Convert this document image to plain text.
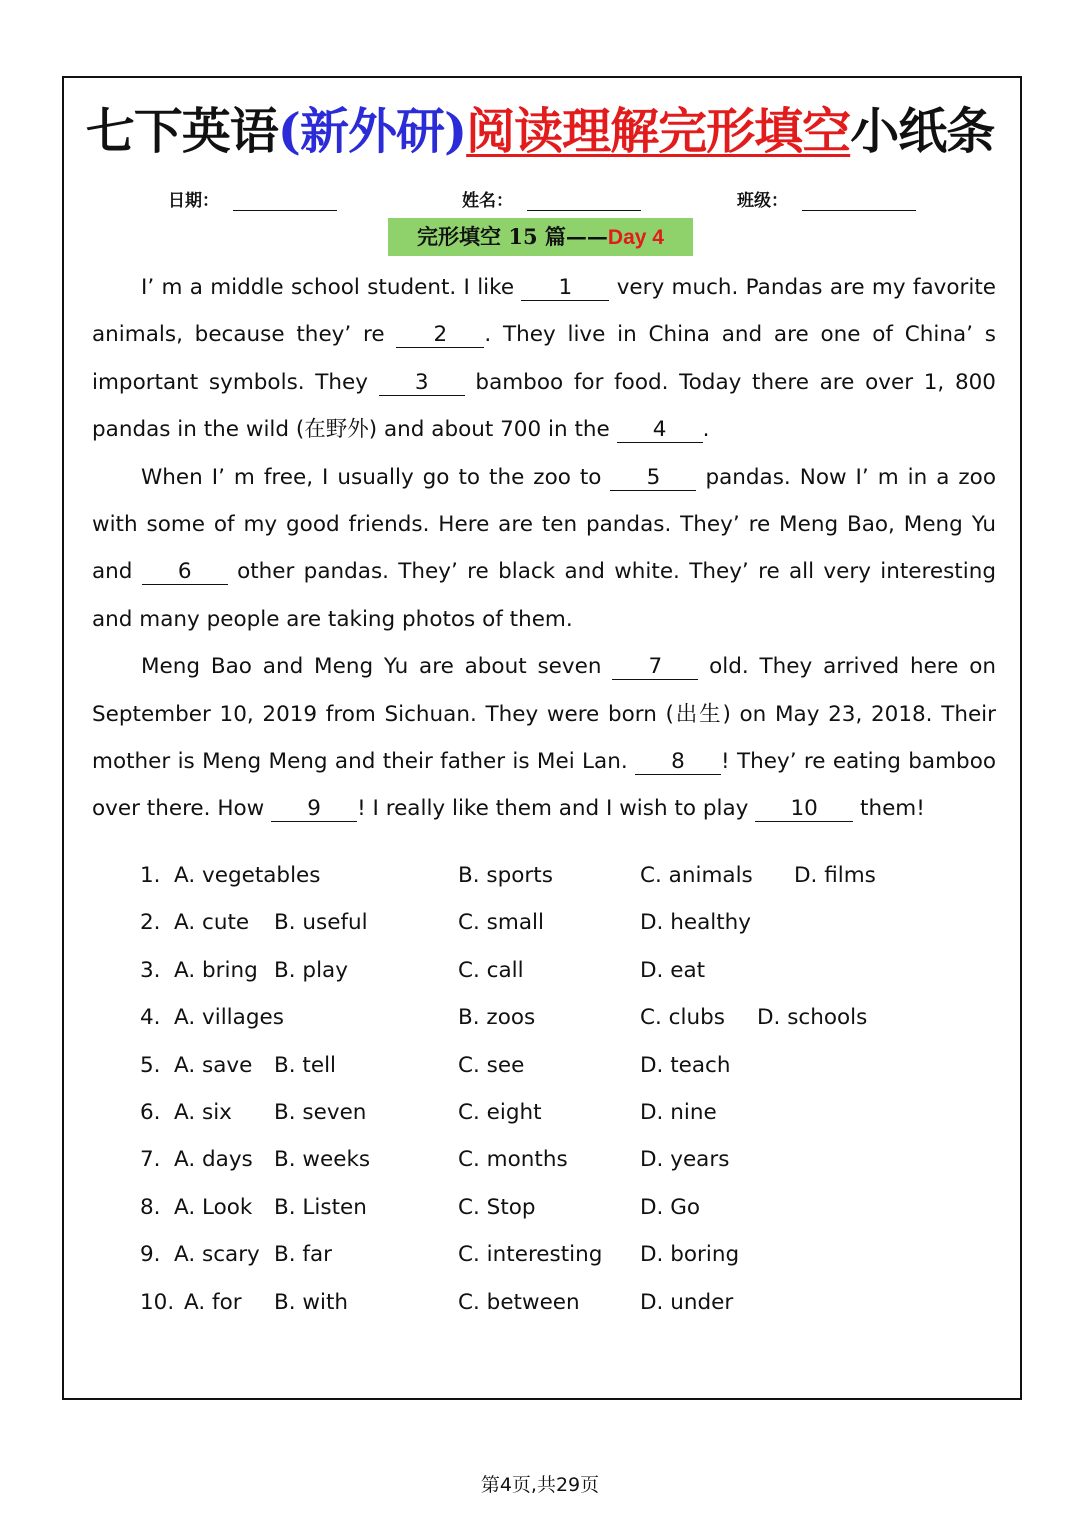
七下英语(新外研)阅读理解完形填空小纸条
日期：	姓名：	班级：
完形填空 15 篇——Day 4

I’ m a middle school student. I like 1 very much. Pandas are my favorite animals, because they’ re 2 . They live in China and are one of China’ s important symbols. They 3 bamboo for food. Today there are over 1, 800 pandas in the wild (在野外) and about 700 in the 4 .

When I’ m free, I usually go to the zoo to 5 pandas. Now I’ m in a zoo with some of my good friends. Here are ten pandas. They’ re Meng Bao, Meng Yu and 6 other pandas. They’ re black and white. They’ re all very interesting and many people are taking photos of them.

Meng Bao and Meng Yu are about seven 7 old. They arrived here on September 10, 2019 from Sichuan. They were born (出生) on May 23, 2018. Their mother is Meng Meng and their father is Mei Lan. 8 ! They’ re eating bamboo over there. How 9 ! I really like them and I wish to play 10 them!

1. A. vegetables	B. sports	C. animals D. films
2. A. cute B. useful	C. small	D. healthy
3. A. bring B. play	C. call	D. eat
4. A. villages	B. zoos	C. clubs D. schools
5. A. save B. tell	C. see	D. teach
6. A. six B. seven	C. eight	D. nine
7. A. days B. weeks	C. months	D. years
8. A. Look B. Listen	C. Stop	D. Go
9. A. scary B. far	C. interesting D. boring
10. A. for B. with	C. between	D. under
第4页,共29页
